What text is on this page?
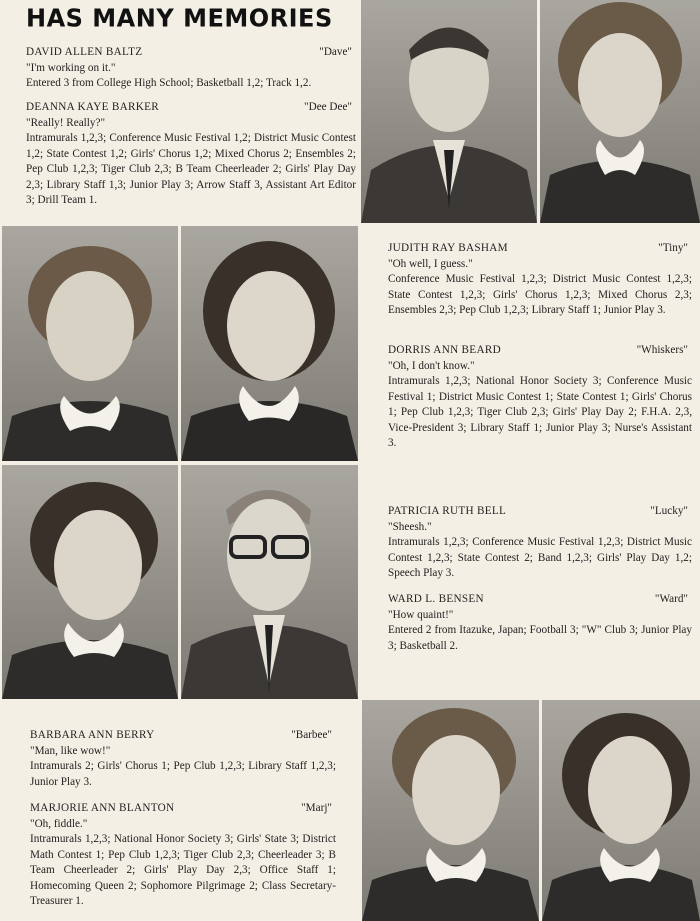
HAS MANY MEMORIES
DAVID ALLEN BALTZ	"Dave"
"I'm working on it."
Entered 3 from College High School; Basketball 1,2; Track 1,2.
DEANNA KAYE BARKER	"Dee Dee"
"Really! Really?"
Intramurals 1,2,3; Conference Music Festival 1,2; District Music Contest 1,2; State Contest 1,2; Girls' Chorus 1,2; Mixed Chorus 2; Ensembles 2; Pep Club 1,2,3; Tiger Club 2,3; B Team Cheerleader 2; Girls' Play Day 2,3; Library Staff 1,3; Junior Play 3; Arrow Staff 3, Assistant Art Editor 3; Drill Team 1.
JUDITH RAY BASHAM	"Tiny"
"Oh well, I guess."
Conference Music Festival 1,2,3; District Music Contest 1,2,3; State Contest 1,2,3; Girls' Chorus 1,2,3; Mixed Chorus 2,3; Ensembles 2,3; Pep Club 1,2,3; Library Staff 1; Junior Play 3.
DORRIS ANN BEARD	"Whiskers"
"Oh, I don't know."
Intramurals 1,2,3; National Honor Society 3; Conference Music Festival 1; District Music Contest 1; State Contest 1; Girls' Chorus 1; Pep Club 1,2,3; Tiger Club 2,3; Girls' Play Day 2; F.H.A. 2,3, Vice-President 3; Library Staff 1; Junior Play 3; Nurse's Assistant 3.
PATRICIA RUTH BELL	"Lucky"
"Sheesh."
Intramurals 1,2,3; Conference Music Festival 1,2,3; District Music Contest 1,2,3; State Contest 2; Band 1,2,3; Girls' Play Day 1,2; Speech Play 3.
WARD L. BENSEN	"Ward"
"How quaint!"
Entered 2 from Itazuke, Japan; Football 3; "W" Club 3; Junior Play 3; Basketball 2.
BARBARA ANN BERRY	"Barbee"
"Man, like wow!"
Intramurals 2; Girls' Chorus 1; Pep Club 1,2,3; Library Staff 1,2,3; Junior Play 3.
MARJORIE ANN BLANTON	"Marj"
"Oh, fiddle."
Intramurals 1,2,3; National Honor Society 3; Girls' State 3; District Math Contest 1; Pep Club 1,2,3; Tiger Club 2,3; Cheerleader 3; B Team Cheerleader 2; Girls' Play Day 2,3; Office Staff 1; Homecoming Queen 2; Sophomore Pilgrimage 2; Class Secretary-Treasurer 1.
